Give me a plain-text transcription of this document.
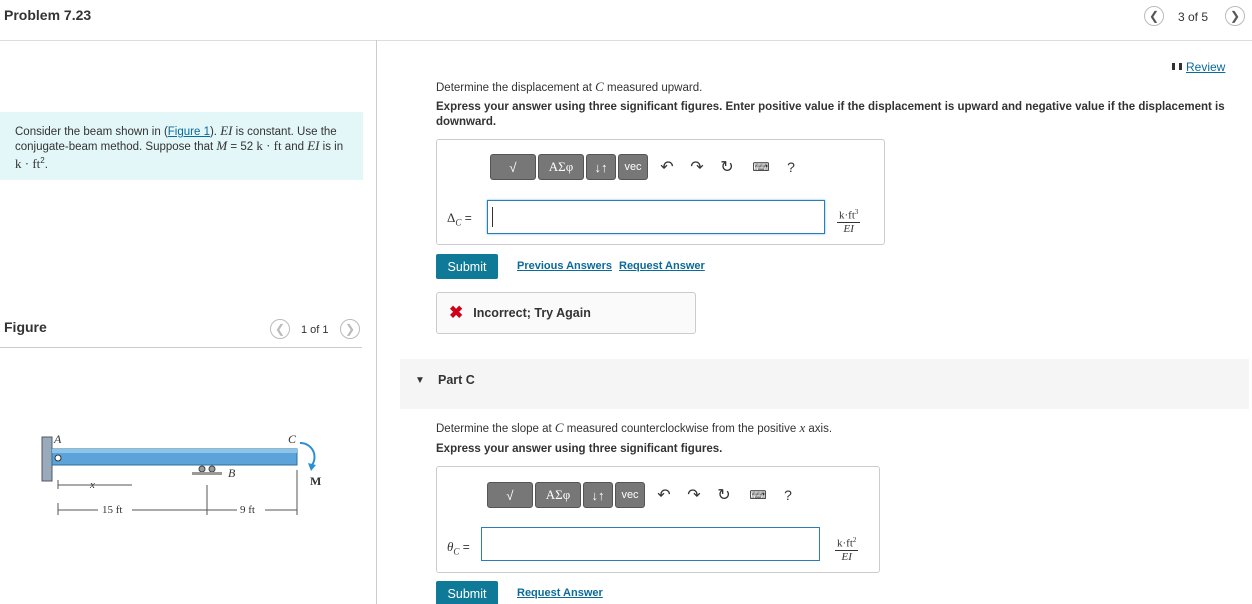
Problem 7.23	❮ 3 of 5 ❯
Consider the beam shown in (Figure 1). EI is constant. Use the conjugate-beam method. Suppose that M = 52 k · ft and EI is in $k \cdot ft^2$.
Figure	❮ 1 of 1 ❯
A
B
C
M
x
15 ft	9 ft
Review
Determine the displacement at C measured upward.
Express your answer using three significant figures. Enter positive value if the displacement is upward and negative value if the displacement is downward.
√	ΑΣφ	↓↑	vec	↶	↷	↻	⌨	?
$\Delta_C$ =	$\frac{k\cdot ft^3}{EI}$
Submit	Previous Answers Request Answer
✖ Incorrect; Try Again
▼ Part C
Determine the slope at C measured counterclockwise from the positive x axis.
Express your answer using three significant figures.
√	ΑΣφ	↓↑	vec	↶	↷	↻	⌨	?
$\theta_C$ =	$\frac{k\cdot ft^2}{EI}$
Submit	Request Answer
